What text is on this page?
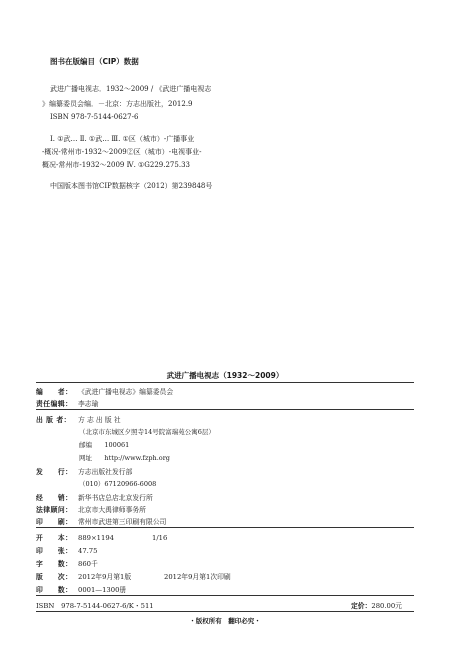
图书在版编目（CIP）数据
武进广播电视志．1932～2009 / 《武进广播电视志
》编纂委员会编．－北京：方志出版社，2012.9
ISBN 978-7-5144-0627-6
Ⅰ. ①武… Ⅱ. ①武… Ⅲ. ①区（城市）-广播事业
-概况-常州市-1932～2009②区（城市）-电视事业-
概况-常州市-1932～2009 Ⅳ. ①G229.275.33
中国版本图书馆CIP数据核字（2012）第239848号
武进广播电视志（1932～2009）
编　　者： 《武进广播电视志》编纂委员会
责任编辑： 李志瑜
出 版 者： 方 志 出 版 社
（北京市东城区夕照寺14号院富瑞苑公寓6层）
邮编 100061
网址 http://www.fzph.org
发　　行： 方志出版社发行部
（010）67120966-6008
经　　销： 新华书店总店北京发行所
法律顾问： 北京市大禹律师事务所
印　　刷： 常州市武进第三印刷有限公司
开　　本： 889×1194	1/16
印　　张： 47.75
字　　数： 860千
版　　次： 2012年9月第1版	2012年9月第1次印刷
印　　数： 0001—1300册
ISBN　978-7-5144-0627-6/K・511	定价：280.00元
・版权所有　翻印必究・
